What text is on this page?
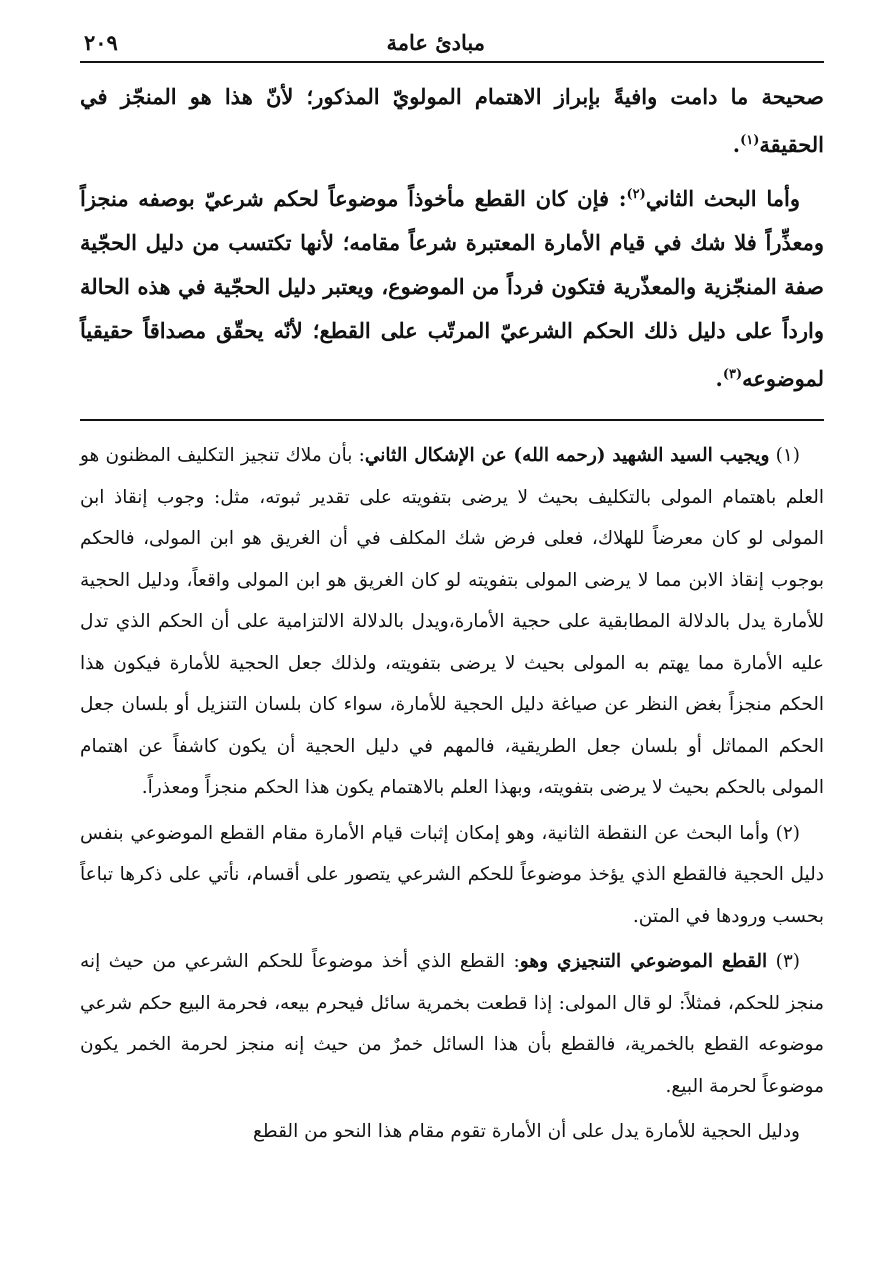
مبادئ عامة
٢٠٩

صحيحة ما دامت وافيةً بإبراز الاهتمام المولويّ المذكور؛ لأنّ هذا هو المنجّز في الحقيقة$^{(١)}$.

وأما البحث الثاني$^{(٢)}$: فإن كان القطع مأخوذاً موضوعاً لحكم شرعيّ بوصفه منجزاً ومعذِّراً فلا شك في قيام الأمارة المعتبرة شرعاً مقامه؛ لأنها تكتسب من دليل الحجّية صفة المنجّزية والمعذّرية فتكون فرداً من الموضوع، ويعتبر دليل الحجّية في هذه الحالة وارداً على دليل ذلك الحكم الشرعيّ المرتّب على القطع؛ لأنّه يحقّق مصداقاً حقيقياً لموضوعه$^{(٣)}$.

(١) ويجيب السيد الشهيد (رحمه الله) عن الإشكال الثاني: بأن ملاك تنجيز التكليف المظنون هو العلم باهتمام المولى بالتكليف بحيث لا يرضى بتفويته على تقدير ثبوته، مثل: وجوب إنقاذ ابن المولى لو كان معرضاً للهلاك، فعلى فرض شك المكلف في أن الغريق هو ابن المولى، فالحكم بوجوب إنقاذ الابن مما لا يرضى المولى بتفويته لو كان الغريق هو ابن المولى واقعاً، ودليل الحجية للأمارة يدل بالدلالة المطابقية على حجية الأمارة،ويدل بالدلالة الالتزامية على أن الحكم الذي تدل عليه الأمارة مما يهتم به المولى بحيث لا يرضى بتفويته، ولذلك جعل الحجية للأمارة فيكون هذا الحكم منجزاً بغض النظر عن صياغة دليل الحجية للأمارة، سواء كان بلسان التنزيل أو بلسان جعل الحكم المماثل أو بلسان جعل الطريقية، فالمهم في دليل الحجية أن يكون كاشفاً عن اهتمام المولى بالحكم بحيث لا يرضى بتفويته، وبهذا العلم بالاهتمام يكون هذا الحكم منجزاً ومعذراً.

(٢) وأما البحث عن النقطة الثانية، وهو إمكان إثبات قيام الأمارة مقام القطع الموضوعي بنفس دليل الحجية فالقطع الذي يؤخذ موضوعاً للحكم الشرعي يتصور على أقسام، نأتي على ذكرها تباعاً بحسب ورودها في المتن.

(٣) القطع الموضوعي التنجيزي وهو: القطع الذي أخذ موضوعاً للحكم الشرعي من حيث إنه منجز للحكم، فمثلاً: لو قال المولى: إذا قطعت بخمرية سائل فيحرم بيعه، فحرمة البيع حكم شرعي موضوعه القطع بالخمرية، فالقطع بأن هذا السائل خمرٌ من حيث إنه منجز لحرمة الخمر يكون موضوعاً لحرمة البيع.

ودليل الحجية للأمارة يدل على أن الأمارة تقوم مقام هذا النحو من القطع
